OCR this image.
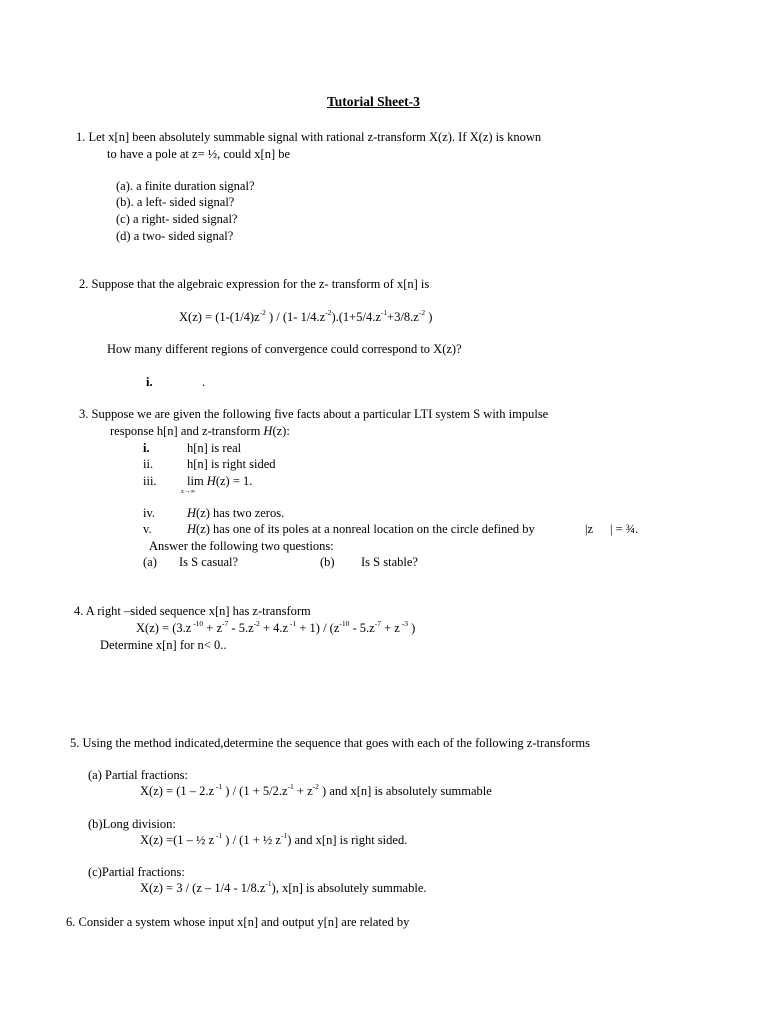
Tutorial Sheet-3
1. Let x[n] been absolutely summable signal with rational z-transform X(z). If X(z) is known
to have a pole at z= ½, could x[n] be
(a). a finite duration signal?
(b). a left- sided signal?
(c) a right- sided signal?
(d) a two- sided signal?
2. Suppose that the algebraic expression for the z- transform of x[n] is
$X(z) = (1-(1/4)z^{-2}$ ) / (1- $1/4.z^{-2}).(1+5/4.z^{-1}+3/8.z^{-2}$ )
How many different regions of convergence could correspond to X(z)?
i.	.
3. Suppose we are given the following five facts about a particular LTI system S with impulse
response h[n] and z-transform H(z):
i.	h[n] is real
ii.	h[n] is right sided
iii. lim H(z) = 1.
z→∞
iv.	H(z) has two zeros.
v.	H(z) has one of its poles at a nonreal location on the circle defined by	|z | = ¾.
Answer the following two questions:
(a) Is S casual?	(b) Is S stable?
4. A right –sided sequence x[n] has z-transform
X(z) = (3.z $^{-10} + z^{-7} - 5.z^{-2} + 4.z$ $^{-1} + 1) / (z^{-10} - 5.z^{-7} + z$ $^{-3}$ )
Determine x[n] for n< 0..
5. Using the method indicated,determine the sequence that goes with each of the following z-transforms
(a) Partial fractions:
X(z) = (1 – 2.z $^{-1}$ ) / ($1 + 5/2.z^{-1} + z^{-2}$ ) and x[n] is absolutely summable
(b)Long division:
X(z) =(1 – ½ z $^{-1}$ ) / (1 + ½ $z^{-1}$) and x[n] is right sided.
(c)Partial fractions:
$X(z) = 3 / (z - 1/4 - 1/8.z^{-1})$, x[n] is absolutely summable.
6. Consider a system whose input x[n] and output y[n] are related by
